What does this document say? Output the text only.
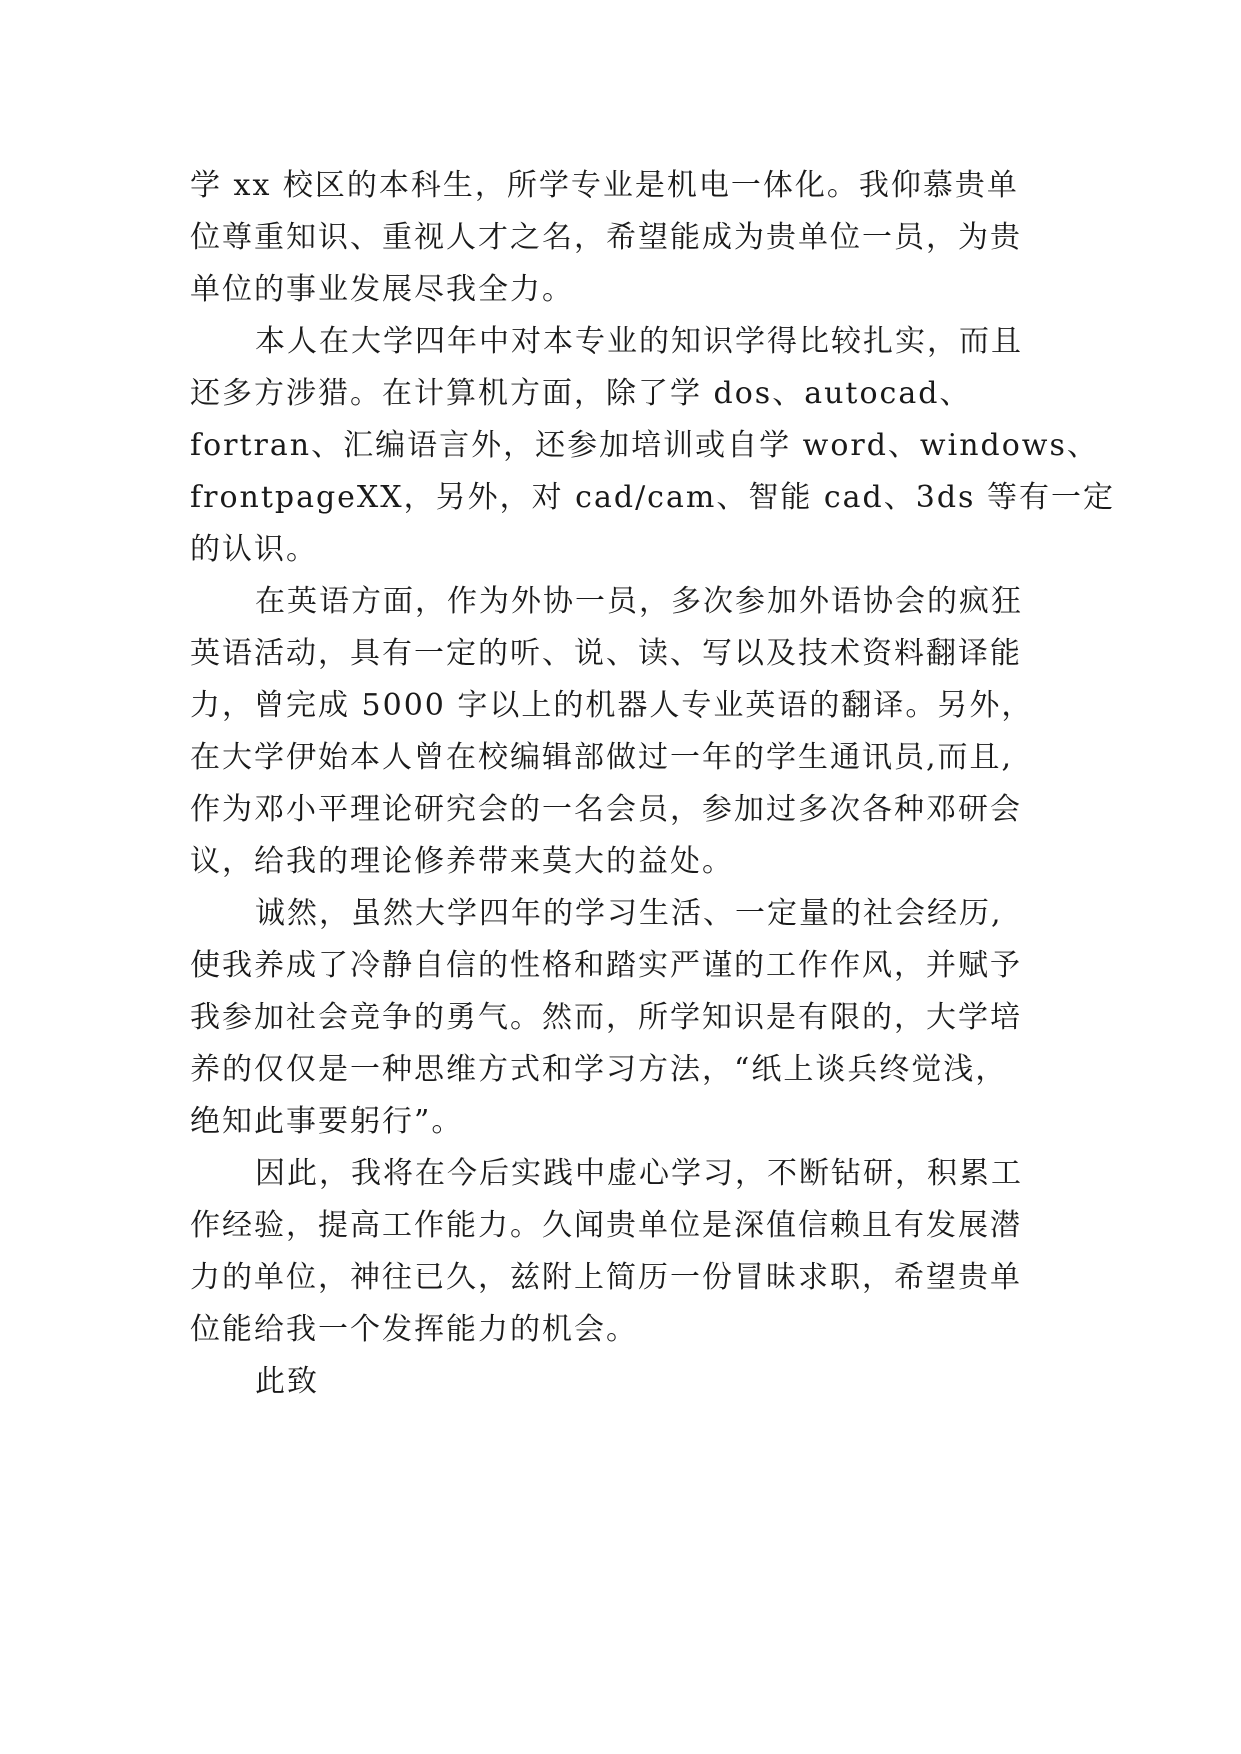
学 xx 校区的本科生，所学专业是机电一体化。我仰慕贵单
位尊重知识、重视人才之名，希望能成为贵单位一员，为贵
单位的事业发展尽我全力。
本人在大学四年中对本专业的知识学得比较扎实，而且
还多方涉猎。在计算机方面，除了学 dos、autocad、
fortran、汇编语言外，还参加培训或自学 word、windows、
frontpageXX，另外，对 cad/cam、智能 cad、3ds 等有一定
的认识。
在英语方面，作为外协一员，多次参加外语协会的疯狂
英语活动，具有一定的听、说、读、写以及技术资料翻译能
力，曾完成 5000 字以上的机器人专业英语的翻译。另外，
在大学伊始本人曾在校编辑部做过一年的学生通讯员,而且,
作为邓小平理论研究会的一名会员，参加过多次各种邓研会
议，给我的理论修养带来莫大的益处。
诚然，虽然大学四年的学习生活、一定量的社会经历,
使我养成了冷静自信的性格和踏实严谨的工作作风，并赋予
我参加社会竞争的勇气。然而，所学知识是有限的，大学培
养的仅仅是一种思维方式和学习方法，“纸上谈兵终觉浅，
绝知此事要躬行”。
因此，我将在今后实践中虚心学习，不断钻研，积累工
作经验，提高工作能力。久闻贵单位是深值信赖且有发展潜
力的单位，神往已久，兹附上简历一份冒昧求职，希望贵单
位能给我一个发挥能力的机会。
此致
